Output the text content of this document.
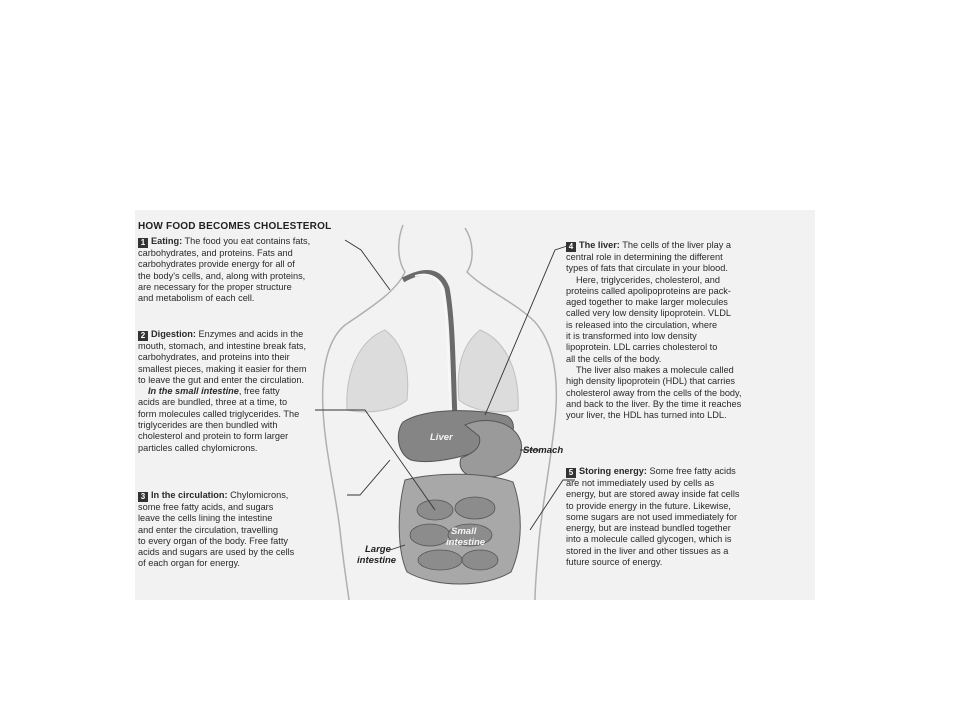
HOW FOOD BECOMES CHOLESTEROL

1 Eating: The food you eat contains fats,

carbohydrates, and proteins. Fats and

carbohydrates provide energy for all of

the body's cells, and, along with proteins,

are necessary for the proper structure

and metabolism of each cell.

2 Digestion: Enzymes and acids in the

mouth, stomach, and intestine break fats,

carbohydrates, and proteins into their

smallest pieces, making it easier for them

to leave the gut and enter the circulation.

In the small intestine, free fatty

acids are bundled, three at a time, to

form molecules called triglycerides. The

triglycerides are then bundled with

cholesterol and protein to form larger

particles called chylomicrons.

3 In the circulation: Chylomicrons,

some free fatty acids, and sugars

leave the cells lining the intestine

and enter the circulation, travelling

to every organ of the body. Free fatty

acids and sugars are used by the cells

of each organ for energy.

4 The liver: The cells of the liver play a

central role in determining the different

types of fats that circulate in your blood.

Here, triglycerides, cholesterol, and

proteins called apolipoproteins are pack-

aged together to make larger molecules

called very low density lipoprotein. VLDL

is released into the circulation, where

it is transformed into low density

lipoprotein. LDL carries cholesterol to

all the cells of the body.

The liver also makes a molecule called

high density lipoprotein (HDL) that carries

cholesterol away from the cells of the body,

and back to the liver. By the time it reaches

your liver, the HDL has turned into LDL.

5 Storing energy: Some free fatty acids

are not immediately used by cells as

energy, but are stored away inside fat cells

to provide energy in the future. Likewise,

some sugars are not used immediately for

energy, but are instead bundled together

into a molecule called glycogen, which is

stored in the liver and other tissues as a

future source of energy.

Liver
Stomach
Small
intestine
Large
intestine
